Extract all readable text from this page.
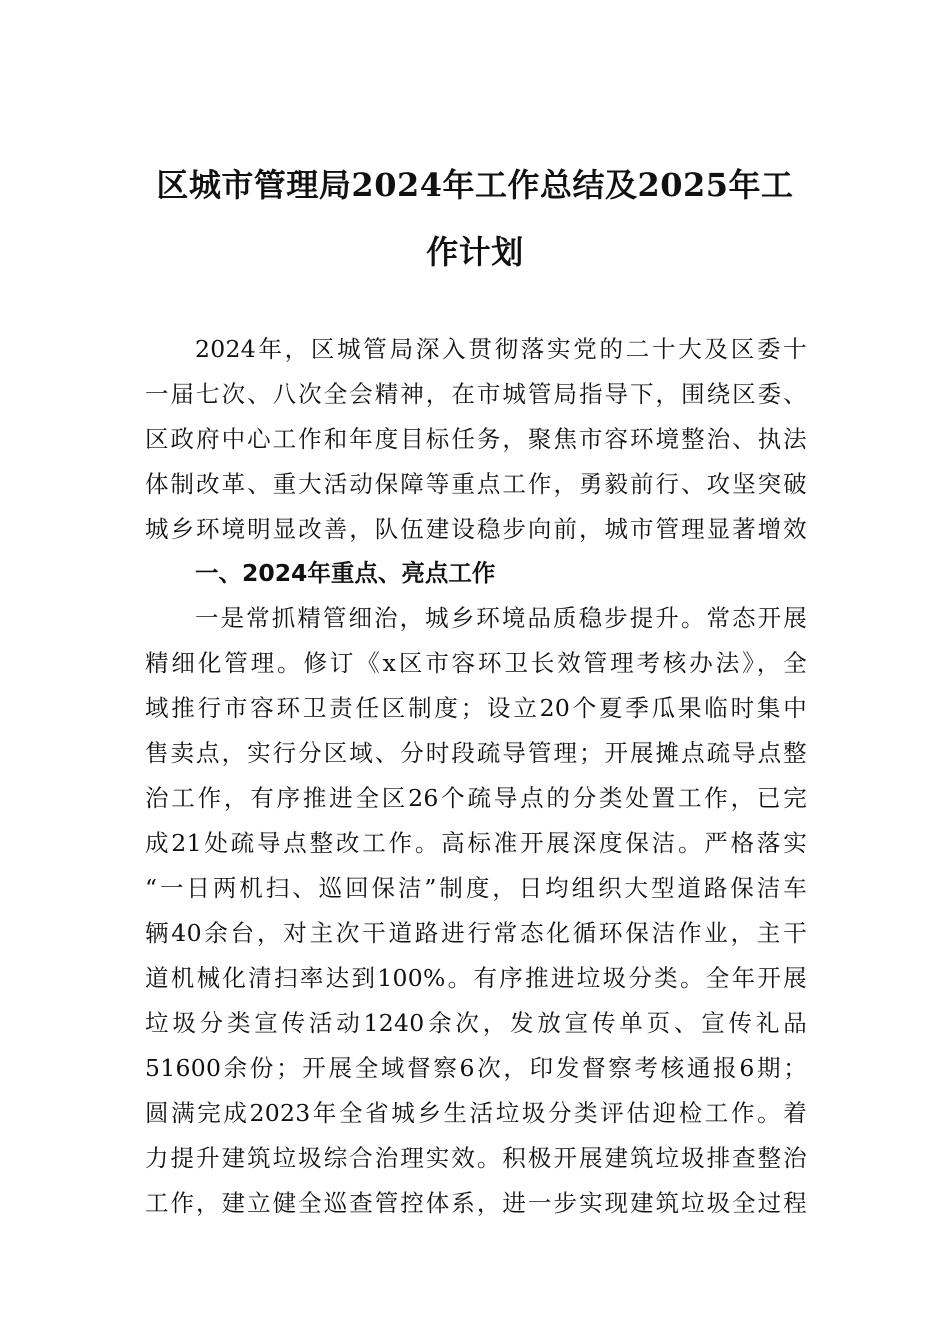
区城市管理局2024年工作总结及2025年工
作计划
2024年，区城管局深入贯彻落实党的二十大及区委十
一届七次、八次全会精神，在市城管局指导下，围绕区委、
区政府中心工作和年度目标任务，聚焦市容环境整治、执法
体制改革、重大活动保障等重点工作，勇毅前行、攻坚突破
城乡环境明显改善，队伍建设稳步向前，城市管理显著增效
一、2024年重点、亮点工作
一是常抓精管细治，城乡环境品质稳步提升。常态开展
精细化管理。修订《x区市容环卫长效管理考核办法》，全
域推行市容环卫责任区制度；设立20个夏季瓜果临时集中
售卖点，实行分区域、分时段疏导管理；开展摊点疏导点整
治工作，有序推进全区26个疏导点的分类处置工作，已完
成21处疏导点整改工作。高标准开展深度保洁。严格落实
“一日两机扫、巡回保洁”制度，日均组织大型道路保洁车
辆40余台，对主次干道路进行常态化循环保洁作业，主干
道机械化清扫率达到100%。有序推进垃圾分类。全年开展
垃圾分类宣传活动1240余次，发放宣传单页、宣传礼品
51600余份；开展全域督察6次，印发督察考核通报6期；
圆满完成2023年全省城乡生活垃圾分类评估迎检工作。着
力提升建筑垃圾综合治理实效。积极开展建筑垃圾排查整治
工作，建立健全巡查管控体系，进一步实现建筑垃圾全过程
